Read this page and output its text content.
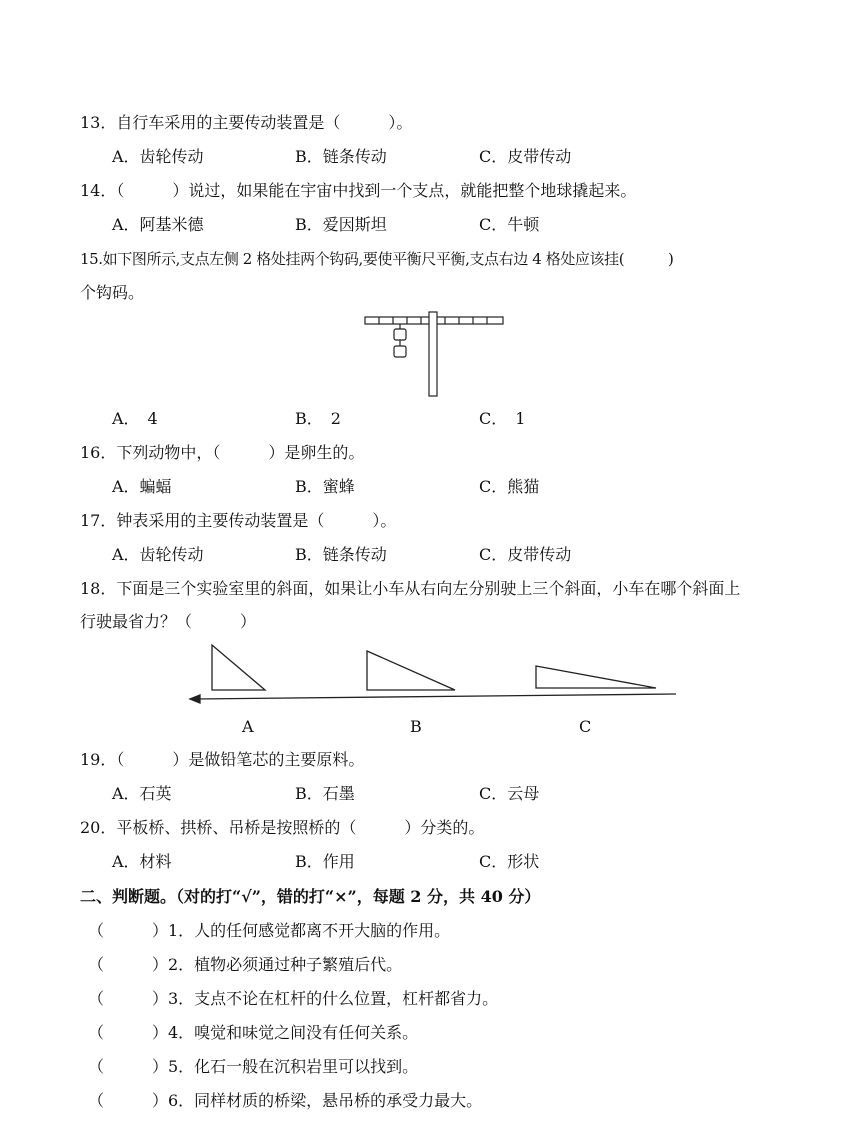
13．自行车采用的主要传动装置是（　　　）。
A．齿轮传动	B．链条传动	C．皮带传动
14．（　　　）说过，如果能在宇宙中找到一个支点，就能把整个地球撬起来。
A．阿基米德	B．爱因斯坦	C．牛顿
15.如下图所示,支点左侧 2 格处挂两个钩码,要使平衡尺平衡,支点右边 4 格处应该挂(　　　)
个钩码。
A．　4	B．　2	C．　1
16．下列动物中，（　　　）是卵生的。
A．蝙蝠	B．蜜蜂	C．熊猫
17．钟表采用的主要传动装置是（　　　）。
A．齿轮传动	B．链条传动	C．皮带传动
18．下面是三个实验室里的斜面，如果让小车从右向左分别驶上三个斜面，小车在哪个斜面上
行驶最省力？（　　　）
A	B	C
19．（　　　）是做铅笔芯的主要原料。
A．石英	B．石墨	C．云母
20．平板桥、拱桥、吊桥是按照桥的（　　　）分类的。
A．材料	B．作用	C．形状
二、判断题。（对的打“√”，错的打“×”，每题 2 分，共 40 分）
（　　　）1．人的任何感觉都离不开大脑的作用。
（　　　）2．植物必须通过种子繁殖后代。
（　　　）3．支点不论在杠杆的什么位置，杠杆都省力。
（　　　）4．嗅觉和味觉之间没有任何关系。
（　　　）5．化石一般在沉积岩里可以找到。
（　　　）6．同样材质的桥梁，悬吊桥的承受力最大。
